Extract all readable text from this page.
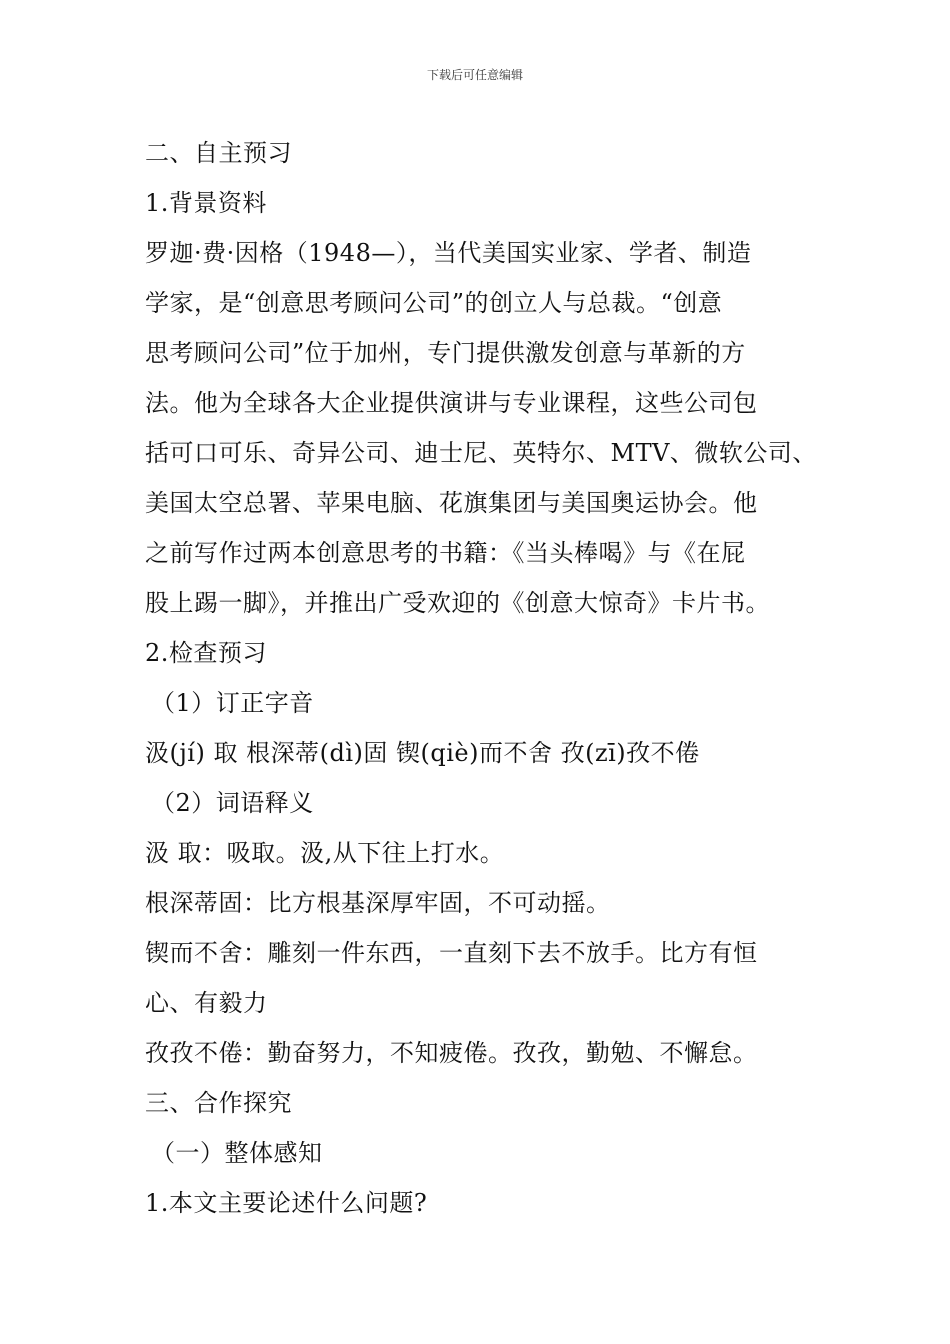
下载后可任意编辑
二、自主预习
1.背景资料
罗迦·费·因格（1948—），当代美国实业家、学者、制造
学家，是“创意思考顾问公司”的创立人与总裁。“创意
思考顾问公司”位于加州，专门提供激发创意与革新的方
法。他为全球各大企业提供演讲与专业课程，这些公司包
括可口可乐、奇异公司、迪士尼、英特尔、MTV、微软公司、
美国太空总署、苹果电脑、花旗集团与美国奥运协会。他
之前写作过两本创意思考的书籍：《当头棒喝》与《在屁
股上踢一脚》，并推出广受欢迎的《创意大惊奇》卡片书。
2.检查预习
（1）订正字音
汲(jí) 取 根深蒂(dì)固 锲(qiè)而不舍 孜(zī)孜不倦
（2）词语释义
汲 取：吸取。汲,从下往上打水。
根深蒂固：比方根基深厚牢固，不可动摇。
锲而不舍：雕刻一件东西，一直刻下去不放手。比方有恒
心、有毅力
孜孜不倦：勤奋努力，不知疲倦。孜孜，勤勉、不懈怠。
三、合作探究
（一）整体感知
1.本文主要论述什么问题?
